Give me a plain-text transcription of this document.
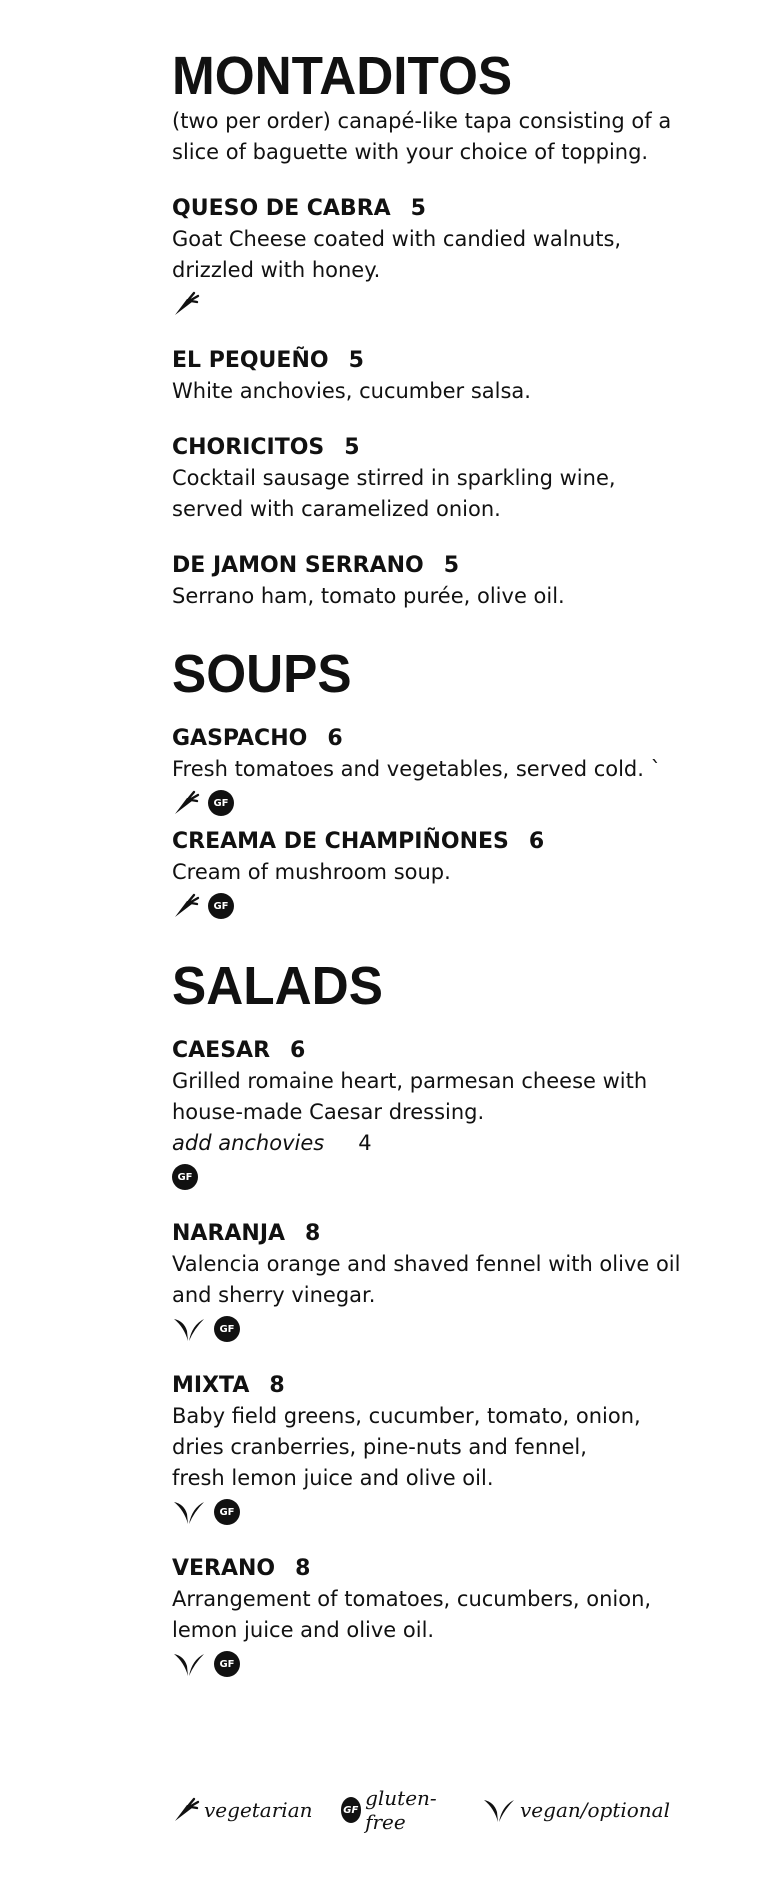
MONTADITOS
(two per order) canapé-like tapa consisting of a
slice of baguette with your choice of topping.
QUESO DE CABRA 5
Goat Cheese coated with candied walnuts,
drizzled with honey.
EL PEQUEÑO 5
White anchovies, cucumber salsa.
CHORICITOS 5
Cocktail sausage stirred in sparkling wine,
served with caramelized onion.
DE JAMON SERRANO 5
Serrano ham, tomato purée, olive oil.
SOUPS
GASPACHO 6
Fresh tomatoes and vegetables, served cold. `
GF
CREAMA DE CHAMPIÑONES 6
Cream of mushroom soup.
GF
SALADS
CAESAR 6
Grilled romaine heart, parmesan cheese with
house-made Caesar dressing.
add anchovies 4
GF
NARANJA 8
Valencia orange and shaved fennel with olive oil
and sherry vinegar.
GF
MIXTA 8
Baby field greens, cucumber, tomato, onion,
dries cranberries, pine-nuts and fennel,
fresh lemon juice and olive oil.
GF
VERANO 8
Arrangement of tomatoes, cucumbers, onion,
lemon juice and olive oil.
GF
vegetarian	GF gluten-free	vegan/optional
